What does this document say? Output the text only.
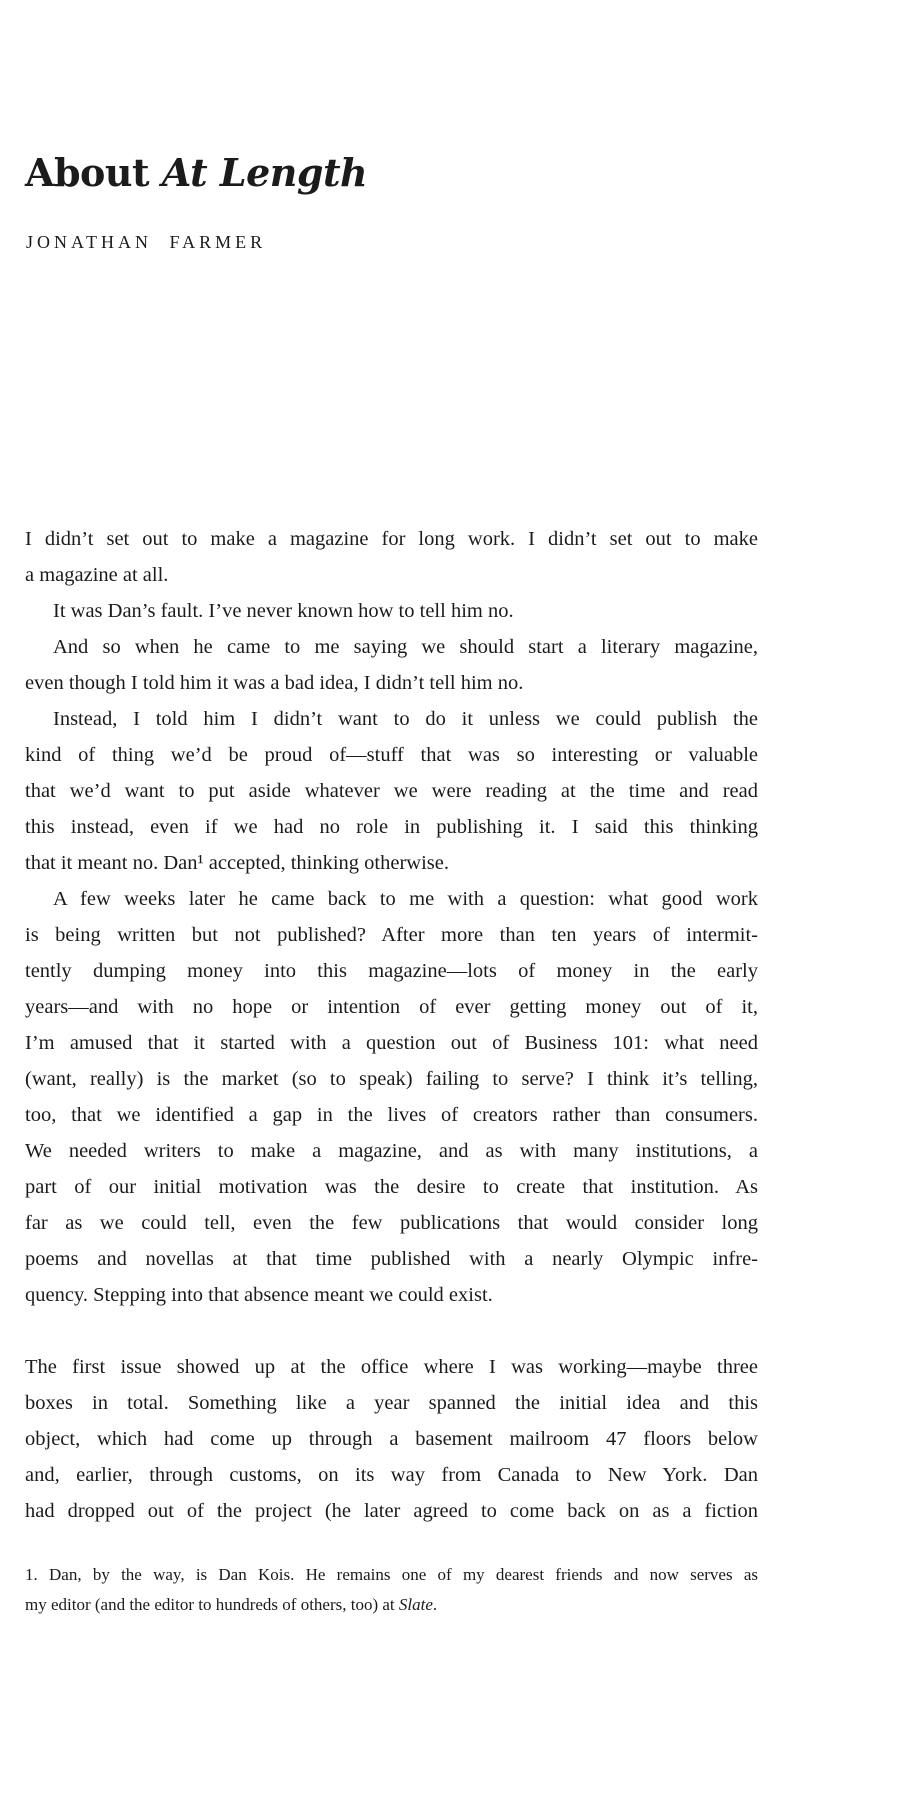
About At Length
JONATHAN FARMER
I didn’t set out to make a magazine for long work. I didn’t set out to make
a magazine at all.
It was Dan’s fault. I’ve never known how to tell him no.
And so when he came to me saying we should start a literary magazine,
even though I told him it was a bad idea, I didn’t tell him no.
Instead, I told him I didn’t want to do it unless we could publish the
kind of thing we’d be proud of—stuff that was so interesting or valuable
that we’d want to put aside whatever we were reading at the time and read
this instead, even if we had no role in publishing it. I said this thinking
that it meant no. Dan¹ accepted, thinking otherwise.
A few weeks later he came back to me with a question: what good work
is being written but not published? After more than ten years of intermit-
tently dumping money into this magazine—lots of money in the early
years—and with no hope or intention of ever getting money out of it,
I’m amused that it started with a question out of Business 101: what need
(want, really) is the market (so to speak) failing to serve? I think it’s telling,
too, that we identified a gap in the lives of creators rather than consumers.
We needed writers to make a magazine, and as with many institutions, a
part of our initial motivation was the desire to create that institution. As
far as we could tell, even the few publications that would consider long
poems and novellas at that time published with a nearly Olympic infre-
quency. Stepping into that absence meant we could exist.
The first issue showed up at the office where I was working—maybe three
boxes in total. Something like a year spanned the initial idea and this
object, which had come up through a basement mailroom 47 floors below
and, earlier, through customs, on its way from Canada to New York. Dan
had dropped out of the project (he later agreed to come back on as a fiction
1. Dan, by the way, is Dan Kois. He remains one of my dearest friends and now serves as
my editor (and the editor to hundreds of others, too) at Slate.
